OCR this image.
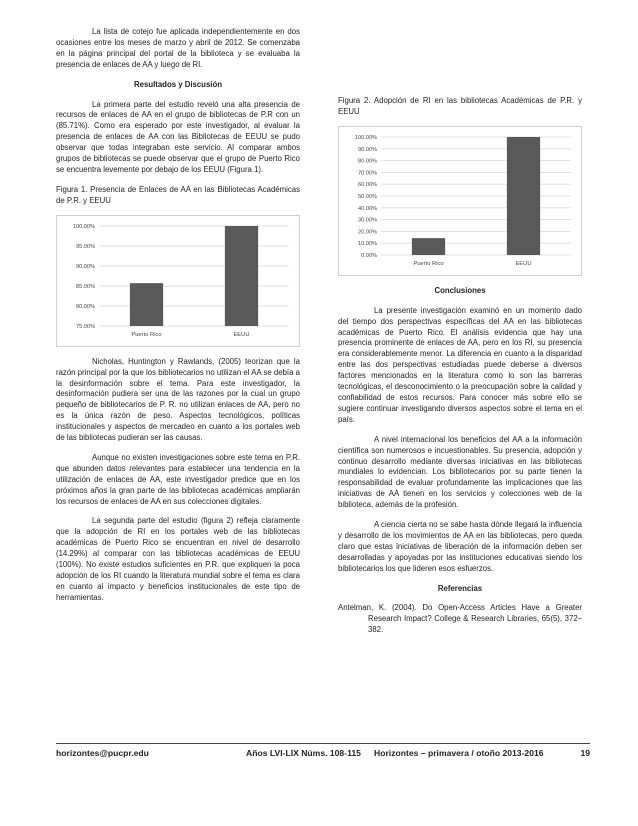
La lista de cotejo fue aplicada independientemente en dos ocasiones entre los meses de marzo y abril de 2012. Se comenzaba en la página principal del portal de la biblioteca y se evaluaba la presencia de enlaces de AA y luego de RI.

Resultados y Discusión

La primera parte del estudio reveló una alta presencia de recursos de enlaces de AA en el grupo de bibliotecas de P.R con un (85.71%). Como era esperado por este investigador, al evaluar la presencia de enlaces de AA con las Bibliotecas de EEUU se pudo observar que todas integraban este servicio. Al comparar ambos grupos de bibliotecas se puede observar que el grupo de Puerto Rico se encuentra levemente por debajo de los EEUU (Figura 1).

Figura 1. Presencia de Enlaces de AA en las Bibliotecas Académicas de P.R. y EEUU

75.00%
80.00%
85.00%
90.00%
95.00%
100.00%
Puerto Rico	EEUU

Nicholas, Huntington y Rawlands, (2005) teorizan que la razón principal por la que los bibliotecarios no utilizan el AA se debía a la desinformación sobre el tema. Para este investigador, la desinformación pudiera ser una de las razones por la cual un grupo pequeño de bibliotecarios de P. R. no utilizan enlaces de AA, pero no es la única razón de peso. Aspectos tecnológicos, políticas institucionales y aspectos de mercadeo en cuanto a los portales web de las bibliotecas pudieran ser las causas.

Aunque no existen investigaciones sobre este tema en P.R. que abunden datos relevantes para establecer una tendencia en la utilización de enlaces de AA, este investigador predice que en los próximos años la gran parte de las bibliotecas académicas ampliarán los recursos de enlaces de AA en sus colecciones digitales.

La segunda parte del estudio (figura 2) refleja claramente que la adopción de RI en los portales web de las bibliotecas académicas de Puerto Rico se encuentran en nivel de desarrollo (14.29%) al comparar con las bibliotecas académicas de EEUU (100%). No existe estudios suficientes en P.R. que expliquen la poca adopción de los RI cuando la literatura mundial sobre el tema es clara en cuanto al impacto y beneficios institucionales de este tipo de herramientas.

Figura 2. Adopción de RI en las bibliotecas Académicas de P.R. y EEUU

0.00%
10.00%
20.00%
30.00%
40.00%
50.00%
60.00%
70.00%
80.00%
90.00%
100.00%
Puerto Rico	EEUU
Conclusiones

La presente investigación examinó en un momento dado del tiempo dos perspectivas específicas del AA en las bibliotecas académicas de Puerto Rico. El análisis evidencia que hay una presencia prominente de enlaces de AA, pero en los RI, su presencia era considerablemente menor. La diferencia en cuanto a la disparidad entre las dos perspectivas estudiadas puede deberse a diversos factores mencionados en la literatura como lo son las barreras tecnológicas, el desconocimiento o la preocupación sobre la calidad y confiabilidad de estos recursos. Para conocer más sobre ello se sugiere continuar investigando diversos aspectos sobre el tema en el país.

A nivel internacional los beneficios del AA a la información científica son numerosos e incuestionables. Su presencia, adopción y continuo desarrollo mediante diversas iniciativas en las bibliotecas mundiales lo evidencian. Los bibliotecarios por su parte tienen la responsabilidad de evaluar profundamente las implicaciones que las iniciativas de AA tienen en los servicios y colecciones web de la biblioteca, además de la profesión.

A ciencia cierta no se sabe hasta dónde llegará la influencia y desarrollo de los movimientos de AA en las bibliotecas, pero queda claro que estas iniciativas de liberación de la información deben ser desarrolladas y apoyadas por las instituciones educativas siendo los bibliotecarios los que lideren esos esfuerzos.

Referencias

Antelman, K. (2004). Do Open-Access Articles Have a Greater Research Impact? College & Research Libraries, 65(5), 372–382.

horizontes@pucpr.edu	Años LVI-LIX Núms. 108-115 Horizontes – primavera / otoño 2013-2016	19
